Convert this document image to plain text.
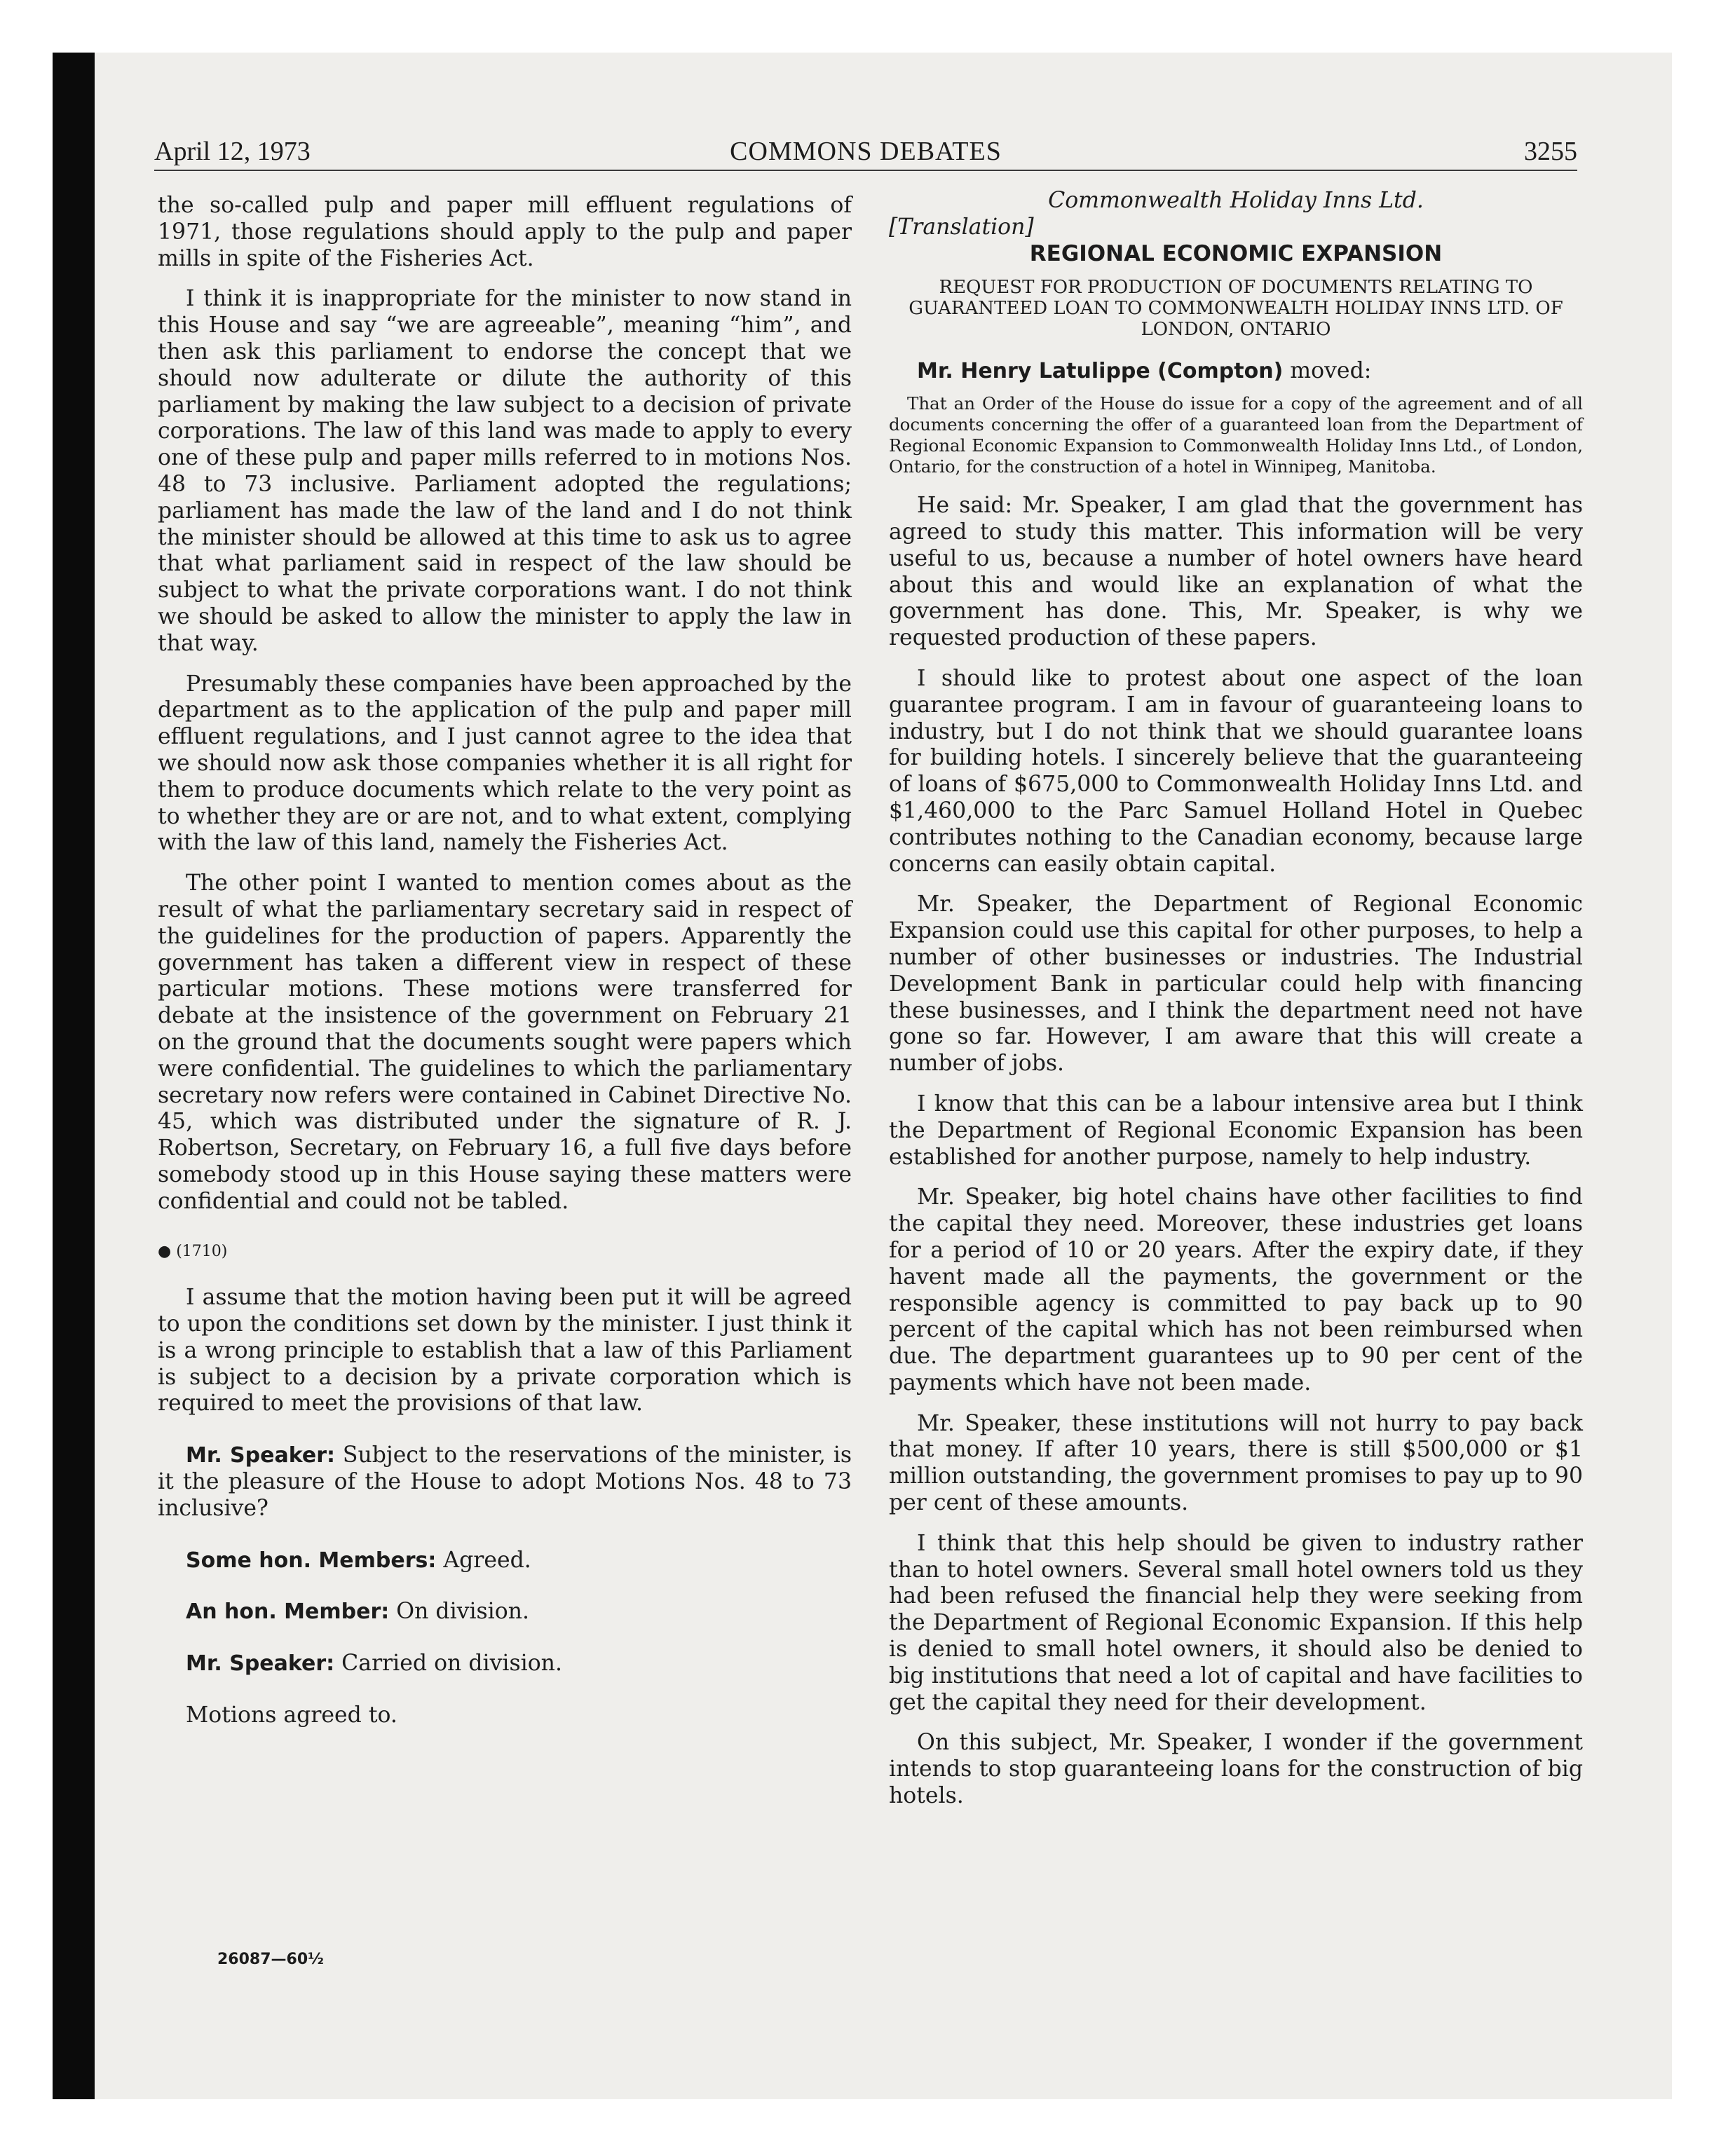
COMMONS DEBATES
April 12, 1973	3255

the so-called pulp and paper mill effluent regulations of 1971, those regulations should apply to the pulp and paper mills in spite of the Fisheries Act.

I think it is inappropriate for the minister to now stand in this House and say “we are agreeable”, meaning “him”, and then ask this parliament to endorse the concept that we should now adulterate or dilute the authority of this parliament by making the law subject to a decision of private corporations. The law of this land was made to apply to every one of these pulp and paper mills referred to in motions Nos. 48 to 73 inclusive. Parliament adopted the regulations; parliament has made the law of the land and I do not think the minister should be allowed at this time to ask us to agree that what parliament said in respect of the law should be subject to what the private corporations want. I do not think we should be asked to allow the minister to apply the law in that way.

Presumably these companies have been approached by the department as to the application of the pulp and paper mill effluent regulations, and I just cannot agree to the idea that we should now ask those companies whether it is all right for them to produce documents which relate to the very point as to whether they are or are not, and to what extent, complying with the law of this land, namely the Fisheries Act.

The other point I wanted to mention comes about as the result of what the parliamentary secretary said in respect of the guidelines for the production of papers. Apparently the government has taken a different view in respect of these particular motions. These motions were transferred for debate at the insistence of the government on February 21 on the ground that the documents sought were papers which were confidential. The guidelines to which the parliamentary secretary now refers were contained in Cabinet Directive No. 45, which was distributed under the signature of R. J. Robertson, Secretary, on February 16, a full five days before somebody stood up in this House saying these matters were confidential and could not be tabled.

● (1710)

I assume that the motion having been put it will be agreed to upon the conditions set down by the minister. I just think it is a wrong principle to establish that a law of this Parliament is subject to a decision by a private corporation which is required to meet the provisions of that law.

Mr. Speaker: Subject to the reservations of the minister, is it the pleasure of the House to adopt Motions Nos. 48 to 73 inclusive?

Some hon. Members: Agreed.

An hon. Member: On division.

Mr. Speaker: Carried on division.

Motions agreed to.

Commonwealth Holiday Inns Ltd.

[Translation]

REGIONAL ECONOMIC EXPANSION

REQUEST FOR PRODUCTION OF DOCUMENTS RELATING TO GUARANTEED LOAN TO COMMONWEALTH HOLIDAY INNS LTD. OF LONDON, ONTARIO

Mr. Henry Latulippe (Compton) moved:

That an Order of the House do issue for a copy of the agreement and of all documents concerning the offer of a guaranteed loan from the Department of Regional Economic Expansion to Commonwealth Holiday Inns Ltd., of London, Ontario, for the construction of a hotel in Winnipeg, Manitoba.

He said: Mr. Speaker, I am glad that the government has agreed to study this matter. This information will be very useful to us, because a number of hotel owners have heard about this and would like an explanation of what the government has done. This, Mr. Speaker, is why we requested production of these papers.

I should like to protest about one aspect of the loan guarantee program. I am in favour of guaranteeing loans to industry, but I do not think that we should guarantee loans for building hotels. I sincerely believe that the guaranteeing of loans of $675,000 to Commonwealth Holiday Inns Ltd. and $1,460,000 to the Parc Samuel Holland Hotel in Quebec contributes nothing to the Canadian economy, because large concerns can easily obtain capital.

Mr. Speaker, the Department of Regional Economic Expansion could use this capital for other purposes, to help a number of other businesses or industries. The Industrial Development Bank in particular could help with financing these businesses, and I think the department need not have gone so far. However, I am aware that this will create a number of jobs.

I know that this can be a labour intensive area but I think the Department of Regional Economic Expansion has been established for another purpose, namely to help industry.

Mr. Speaker, big hotel chains have other facilities to find the capital they need. Moreover, these industries get loans for a period of 10 or 20 years. After the expiry date, if they havent made all the payments, the government or the responsible agency is committed to pay back up to 90 percent of the capital which has not been reimbursed when due. The department guarantees up to 90 per cent of the payments which have not been made.

Mr. Speaker, these institutions will not hurry to pay back that money. If after 10 years, there is still $500,000 or $1 million outstanding, the government promises to pay up to 90 per cent of these amounts.

I think that this help should be given to industry rather than to hotel owners. Several small hotel owners told us they had been refused the financial help they were seeking from the Department of Regional Economic Expansion. If this help is denied to small hotel owners, it should also be denied to big institutions that need a lot of capital and have facilities to get the capital they need for their development.

On this subject, Mr. Speaker, I wonder if the government intends to stop guaranteeing loans for the construction of big hotels.

26087—60½
